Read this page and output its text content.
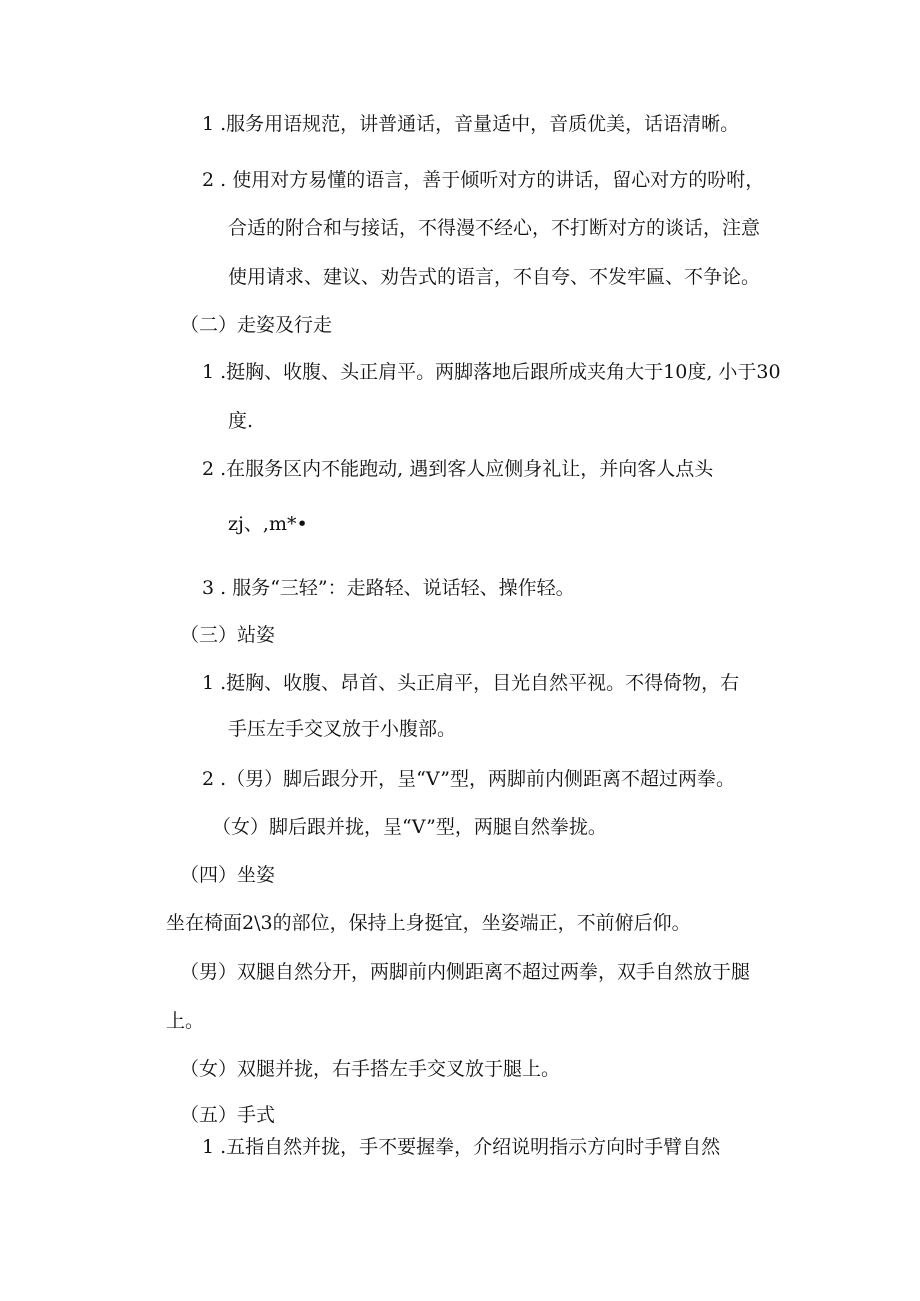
1 .服务用语规范，讲普通话，音量适中，音质优美，话语清晰。
2 . 使用对方易懂的语言，善于倾听对方的讲话，留心对方的吩咐，
合适的附合和与接话，不得漫不经心，不打断对方的谈话，注意
使用请求、建议、劝告式的语言，不自夸、不发牢匾、不争论。
（二）走姿及行走
1 .挺胸、收腹、头正肩平。两脚落地后跟所成夹角大于10度, 小于30
度.
2 .在服务区内不能跑动, 遇到客人应侧身礼让，并向客人点头
zj、,m*•
3 . 服务“三轻”：走路轻、说话轻、操作轻。
（三）站姿
1 .挺胸、收腹、昂首、头正肩平，目光自然平视。不得倚物，右
手压左手交叉放于小腹部。
2 .（男）脚后跟分开，呈“V”型，两脚前内侧距离不超过两拳。
（女）脚后跟并拢，呈“V”型，两腿自然拳拢。
（四）坐姿
坐在椅面2\3的部位，保持上身挺宜，坐姿端正，不前俯后仰。
（男）双腿自然分开，两脚前内侧距离不超过两拳，双手自然放于腿
上。
（女）双腿并拢，右手搭左手交叉放于腿上。
（五）手式
1 .五指自然并拢，手不要握拳，介绍说明指示方向时手臂自然
